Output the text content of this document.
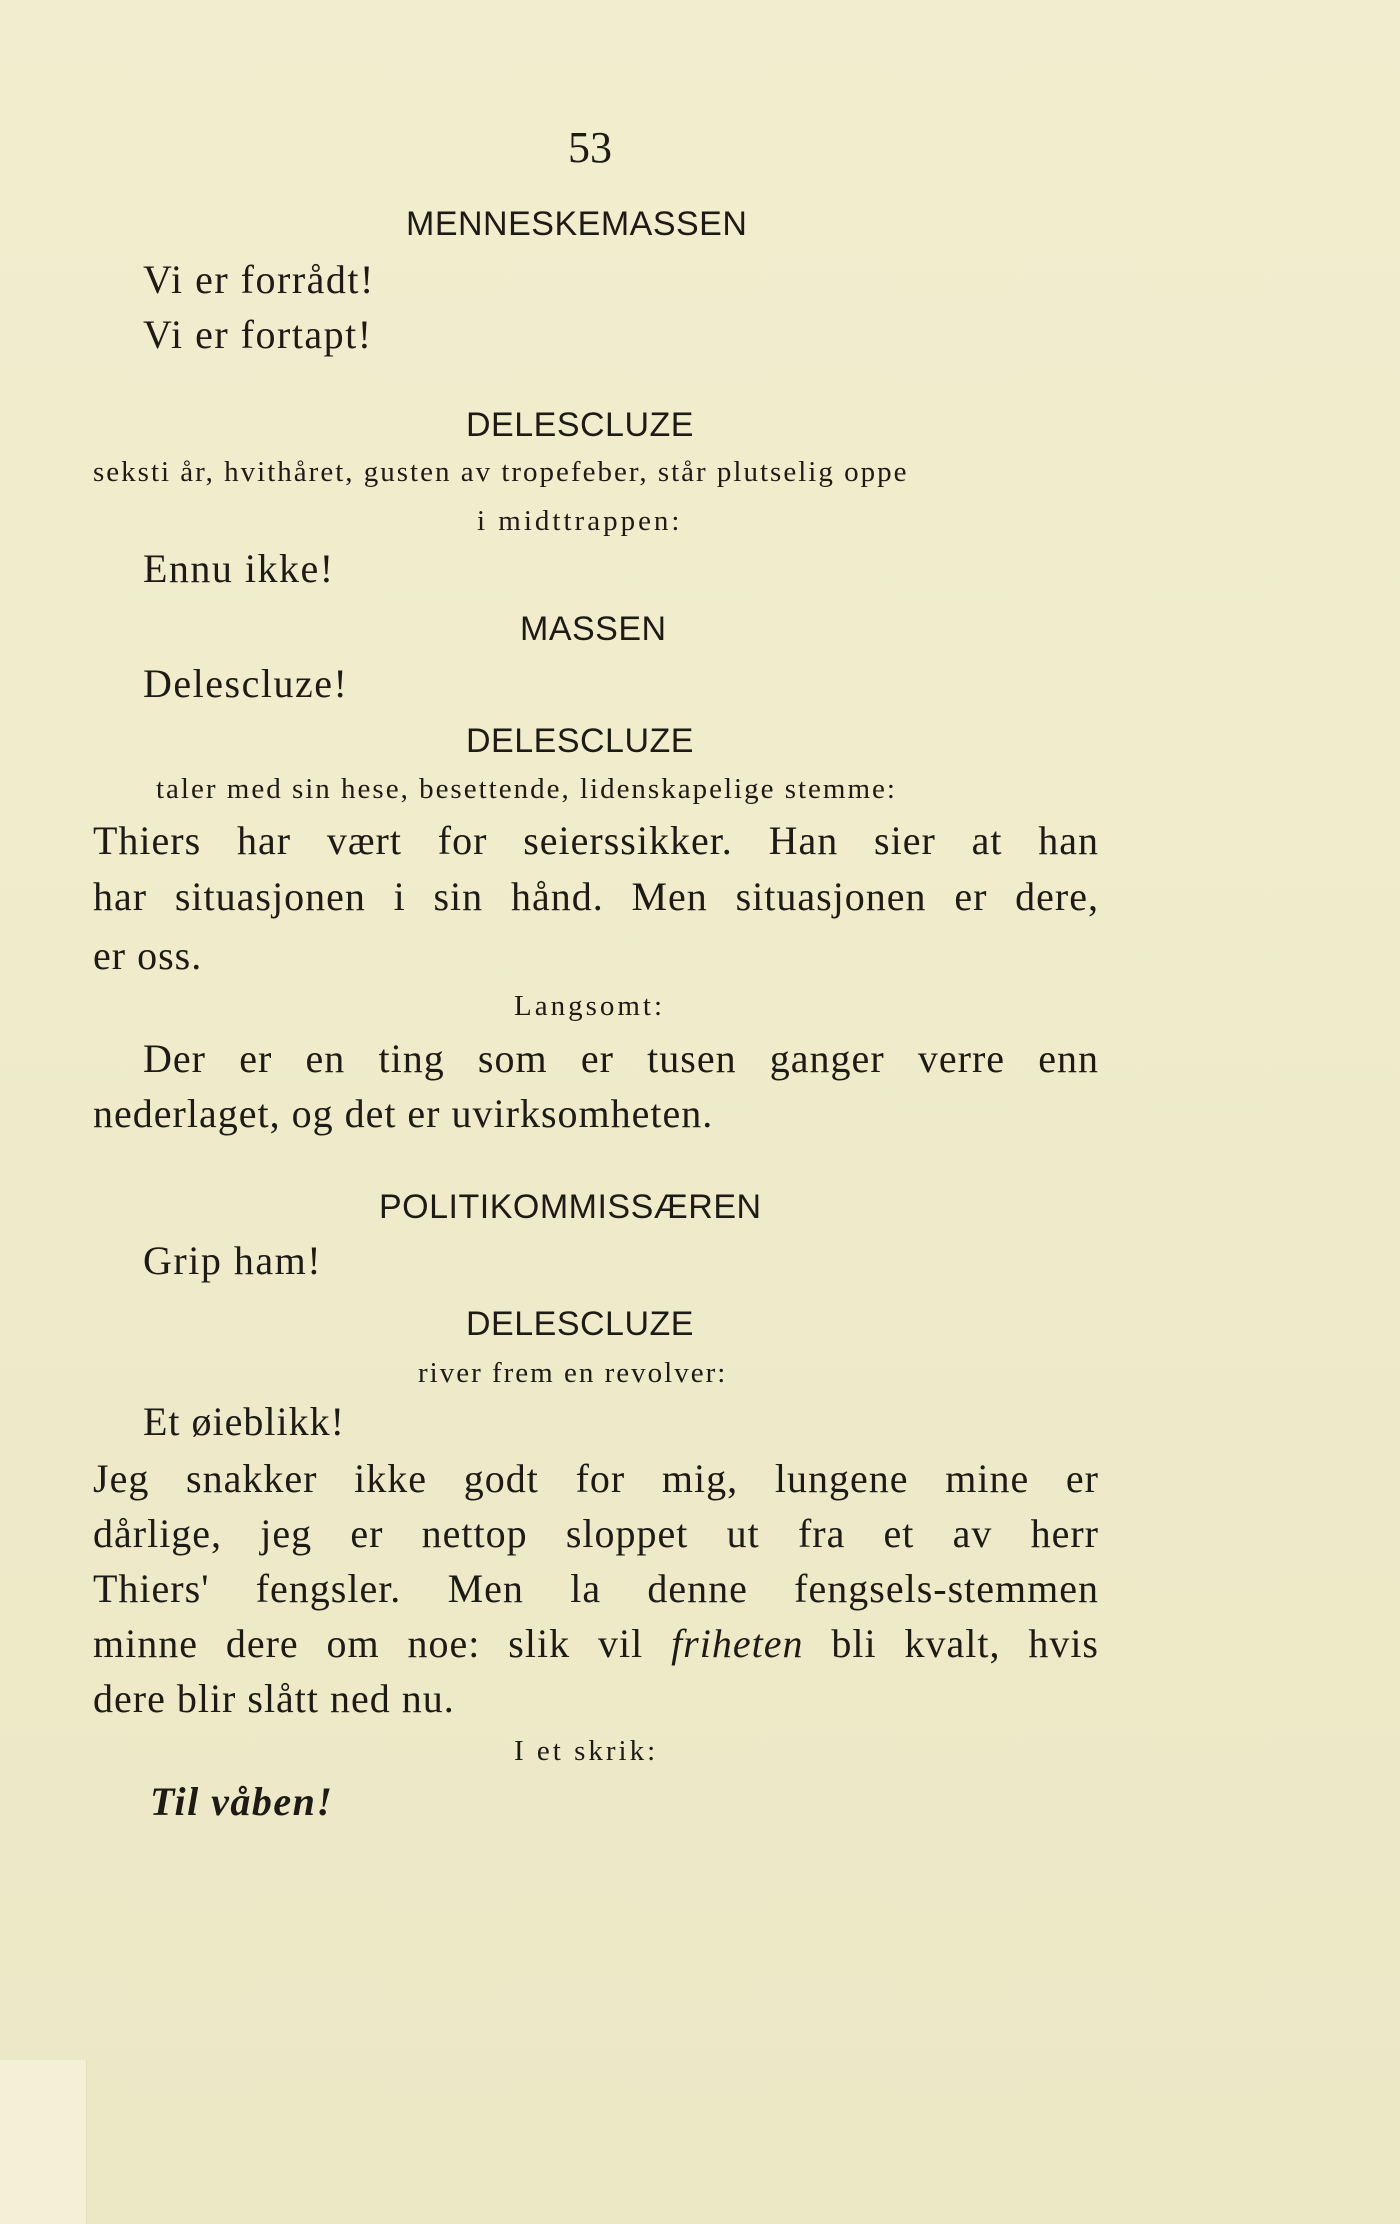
53
MENNESKEMASSEN
Vi er forrådt!
Vi er fortapt!
DELESCLUZE
seksti år, hvithåret, gusten av tropefeber, står plutselig oppe
i midttrappen:
Ennu ikke!
MASSEN
Delescluze!
DELESCLUZE
taler med sin hese, besettende, lidenskapelige stemme:
Thiers har vært for seierssikker. Han sier at han
har situasjonen i sin hånd. Men situasjonen er dere,
er oss.
Langsomt:
Der er en ting som er tusen ganger verre enn
nederlaget, og det er uvirksomheten.
POLITIKOMMISSÆREN
Grip ham!
DELESCLUZE
river frem en revolver:
Et øieblikk!
Jeg snakker ikke godt for mig, lungene mine er
dårlige, jeg er nettop sloppet ut fra et av herr
Thiers' fengsler. Men la denne fengsels-stemmen
minne dere om noe: slik vil friheten bli kvalt, hvis
dere blir slått ned nu.
I et skrik:
Til våben!
